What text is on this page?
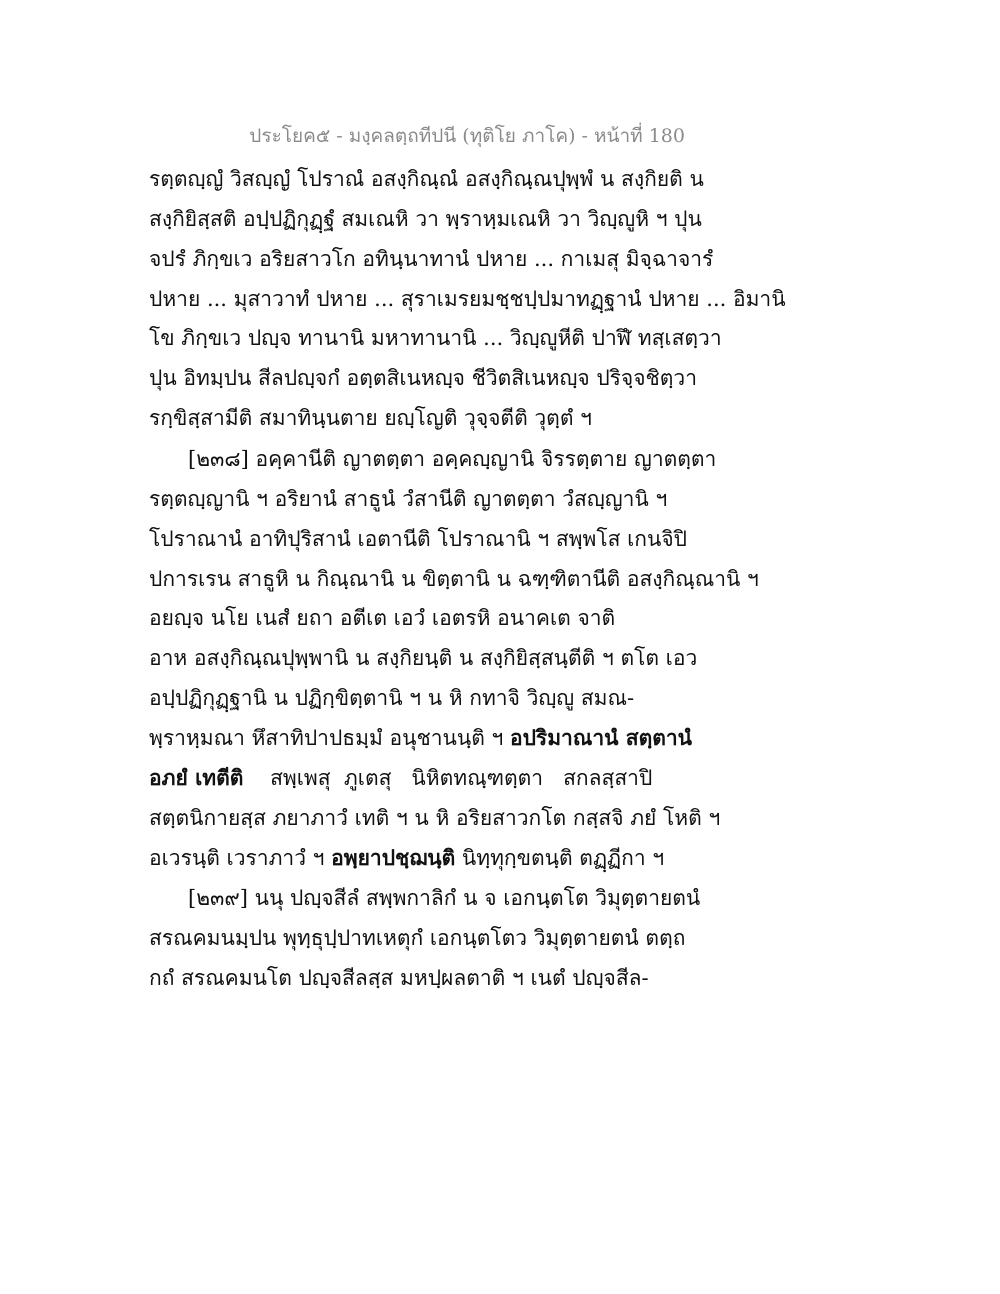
ประโยค๕ - มงฺคลตฺถทีปนี (ทุติโย ภาโค) - หน้าที่ 180
รตฺตญฺญํ วิสญฺญํ โปราณํ อสงฺกิณฺณํ อสงฺกิณฺณปุพฺพํ น สงฺกิยติ น
สงฺกิยิสฺสติ อปฺปฏิกุฏฺฐํ สมเณหิ วา พฺราหฺมเณหิ วา วิญฺญูหิ ฯ ปุน
จปรํ ภิกฺขเว อริยสาวโก อทินฺนาทานํ ปหาย ... กาเมสุ มิจฺฉาจารํ
ปหาย ... มุสาวาทํ ปหาย ... สุราเมรยมชฺชปฺปมาทฏฺฐานํ ปหาย ... อิมานิ
โข ภิกฺขเว ปญฺจ ทานานิ มหาทานานิ ... วิญฺญูหีติ ปาฬึ ทสฺเสตฺวา
ปุน อิทมฺปน สีลปญฺจกํ อตฺตสิเนหญฺจ ชีวิตสิเนหญฺจ ปริจฺจชิตฺวา
รกฺขิสฺสามีติ สมาทินฺนตาย ยญฺโญติ วุจฺจตีติ วุตฺตํ ฯ
[๒๓๘] อคฺคานีติ ญาตตฺตา อคฺคญฺญานิ จิรรตฺตาย ญาตตฺตา
รตฺตญฺญานิ ฯ อริยานํ สาธูนํ วํสานีติ ญาตตฺตา วํสญฺญานิ ฯ
โปราณานํ อาทิปุริสานํ เอตานีติ โปราณานิ ฯ สพฺพโส เกนจิปิ
ปการเรน สาธูหิ น กิณฺณานิ น ขิตฺตานิ น ฉฑฺฑิตานีติ อสงฺกิณฺณานิ ฯ
อยญฺจ นโย เนสํ ยถา อตีเต เอวํ เอตรหิ อนาคเต จาติ
อาห อสงฺกิณฺณปุพฺพานิ น สงฺกิยนฺติ น สงฺกิยิสฺสนฺตีติ ฯ ตโต เอว
อปฺปฏิกุฏฺฐานิ น ปฏิกฺขิตฺตานิ ฯ น หิ กทาจิ วิญฺญู สมณ-
พฺราหฺมณา หึสาทิปาปธมฺมํ อนุชานนฺติ ฯ อปริมาณานํ สตฺตานํ
อภยํ เทตีติ    สพฺเพสุ  ภูเตสุ   นิหิตทณฺฑตฺตา   สกลสฺสาปิ
สตฺตนิกายสฺส ภยาภาวํ เทติ ฯ น หิ อริยสาวกโต กสฺสจิ ภยํ โหติ ฯ
อเวรนฺติ เวราภาวํ ฯ อพฺยาปชฺฌนฺติ นิทฺทุกฺขตนฺติ ตฏฺฏีกา ฯ
[๒๓๙] นนุ ปญฺจสีลํ สพฺพกาลิกํ น จ เอกนฺตโต วิมุตฺตายตนํ
สรณคมนมฺปน พุทฺธุปฺปาทเหตุกํ เอกนฺตโตว วิมุตฺตายตนํ ตตฺถ
กถํ สรณคมนโต ปญฺจสีลสฺส มหปฺผลตาติ ฯ เนตํ ปญฺจสีล-
